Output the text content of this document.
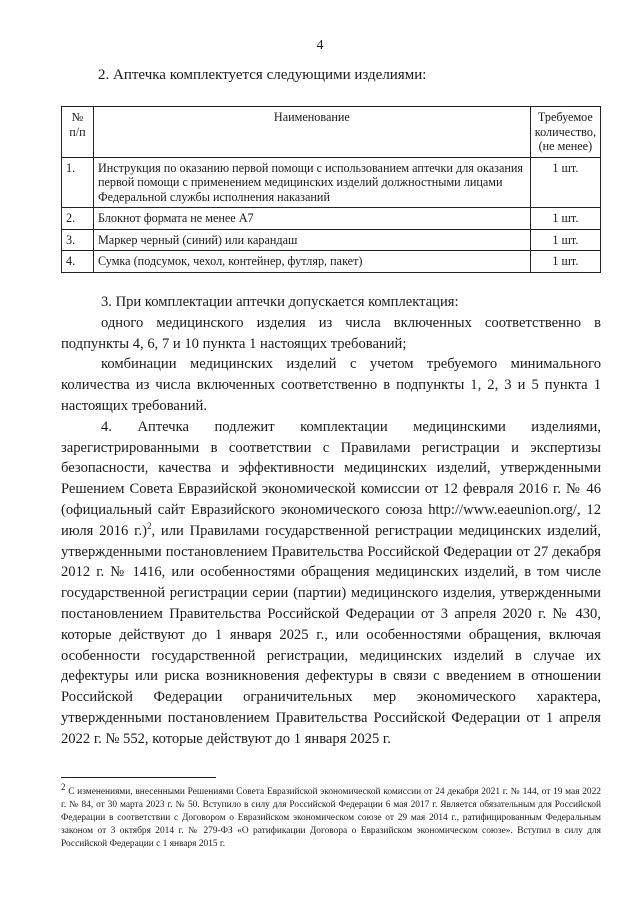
4
2. Аптечка комплектуется следующими изделиями:
№ п/п	Наименование	Требуемое количество, (не менее)
1.	Инструкция по оказанию первой помощи с использованием аптечки для оказания первой помощи с применением медицинских изделий должностными лицами Федеральной службы исполнения наказаний	1 шт.
2.	Блокнот формата не менее А7	1 шт.
3.	Маркер черный (синий) или карандаш	1 шт.
4.	Сумка (подсумок, чехол, контейнер, футляр, пакет)	1 шт.

3. При комплектации аптечки допускается комплектация:

одного медицинского изделия из числа включенных соответственно в подпункты 4, 6, 7 и 10 пункта 1 настоящих требований;

комбинации медицинских изделий с учетом требуемого минимального количества из числа включенных соответственно в подпункты 1, 2, 3 и 5 пункта 1 настоящих требований.

4. Аптечка подлежит комплектации медицинскими изделиями, зарегистрированными в соответствии с Правилами регистрации и экспертизы безопасности, качества и эффективности медицинских изделий, утвержденными Решением Совета Евразийской экономической комиссии от 12 февраля 2016 г. № 46 (официальный сайт Евразийского экономического союза http://www.eaeunion.org/, 12 июля 2016 г.)$^2$, или Правилами государственной регистрации медицинских изделий, утвержденными постановлением Правительства Российской Федерации от 27 декабря 2012 г. № 1416, или особенностями обращения медицинских изделий, в том числе государственной регистрации серии (партии) медицинского изделия, утвержденными постановлением Правительства Российской Федерации от 3 апреля 2020 г. № 430, которые действуют до 1 января 2025 г., или особенностями обращения, включая особенности государственной регистрации, медицинских изделий в случае их дефектуры или риска возникновения дефектуры в связи с введением в отношении Российской Федерации ограничительных мер экономического характера, утвержденными постановлением Правительства Российской Федерации от 1 апреля 2022 г. № 552, которые действуют до 1 января 2025 г.

$^2$ С изменениями, внесенными Решениями Совета Евразийской экономической комиссии от 24 декабря 2021 г. № 144, от 19 мая 2022 г. № 84, от 30 марта 2023 г. № 50. Вступило в силу для Российской Федерации 6 мая 2017 г. Является обязательным для Российской Федерации в соответствии с Договором о Евразийском экономическом союзе от 29 мая 2014 г., ратифицированным Федеральным законом от 3 октября 2014 г. № 279-ФЗ «О ратификации Договора о Евразийском экономическом союзе». Вступил в силу для Российской Федерации с 1 января 2015 г.
